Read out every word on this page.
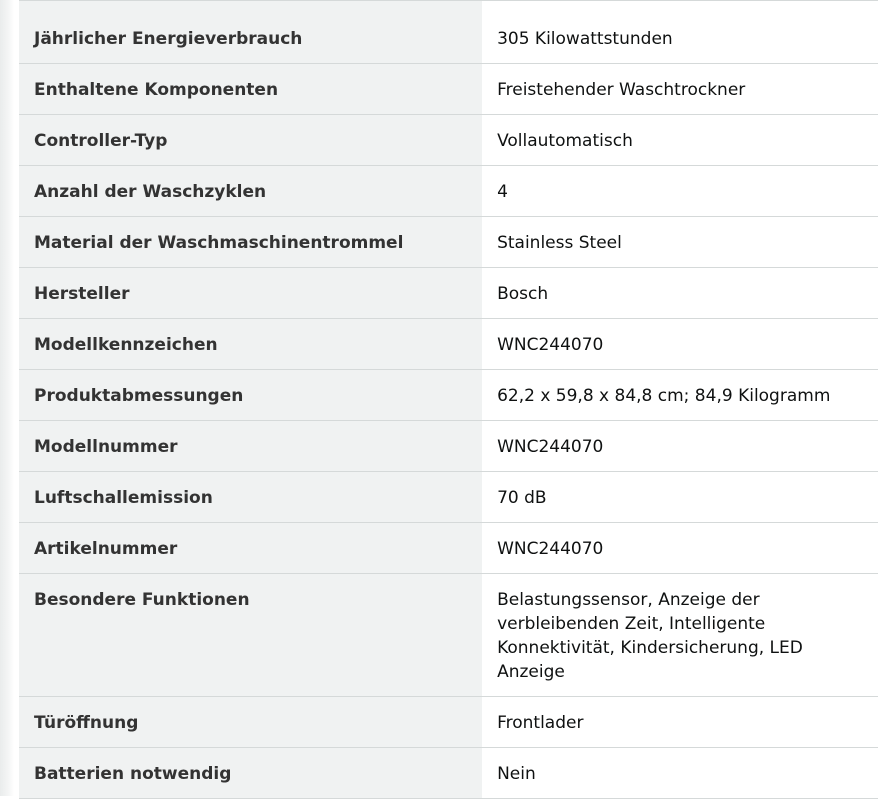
Jährlicher Energieverbrauch	305 Kilowattstunden
Enthaltene Komponenten	Freistehender Waschtrockner
Controller-Typ	Vollautomatisch
Anzahl der Waschzyklen	4
Material der Waschmaschinentrommel	Stainless Steel
Hersteller	Bosch
Modellkennzeichen	WNC244070
Produktabmessungen	62,2 x 59,8 x 84,8 cm; 84,9 Kilogramm
Modellnummer	WNC244070
Luftschallemission	70 dB
Artikelnummer	WNC244070
Besondere Funktionen	Belastungssensor, Anzeige der verbleibenden Zeit, Intelligente Konnektivität, Kindersicherung, LED Anzeige
Türöffnung	Frontlader
Batterien notwendig	Nein
